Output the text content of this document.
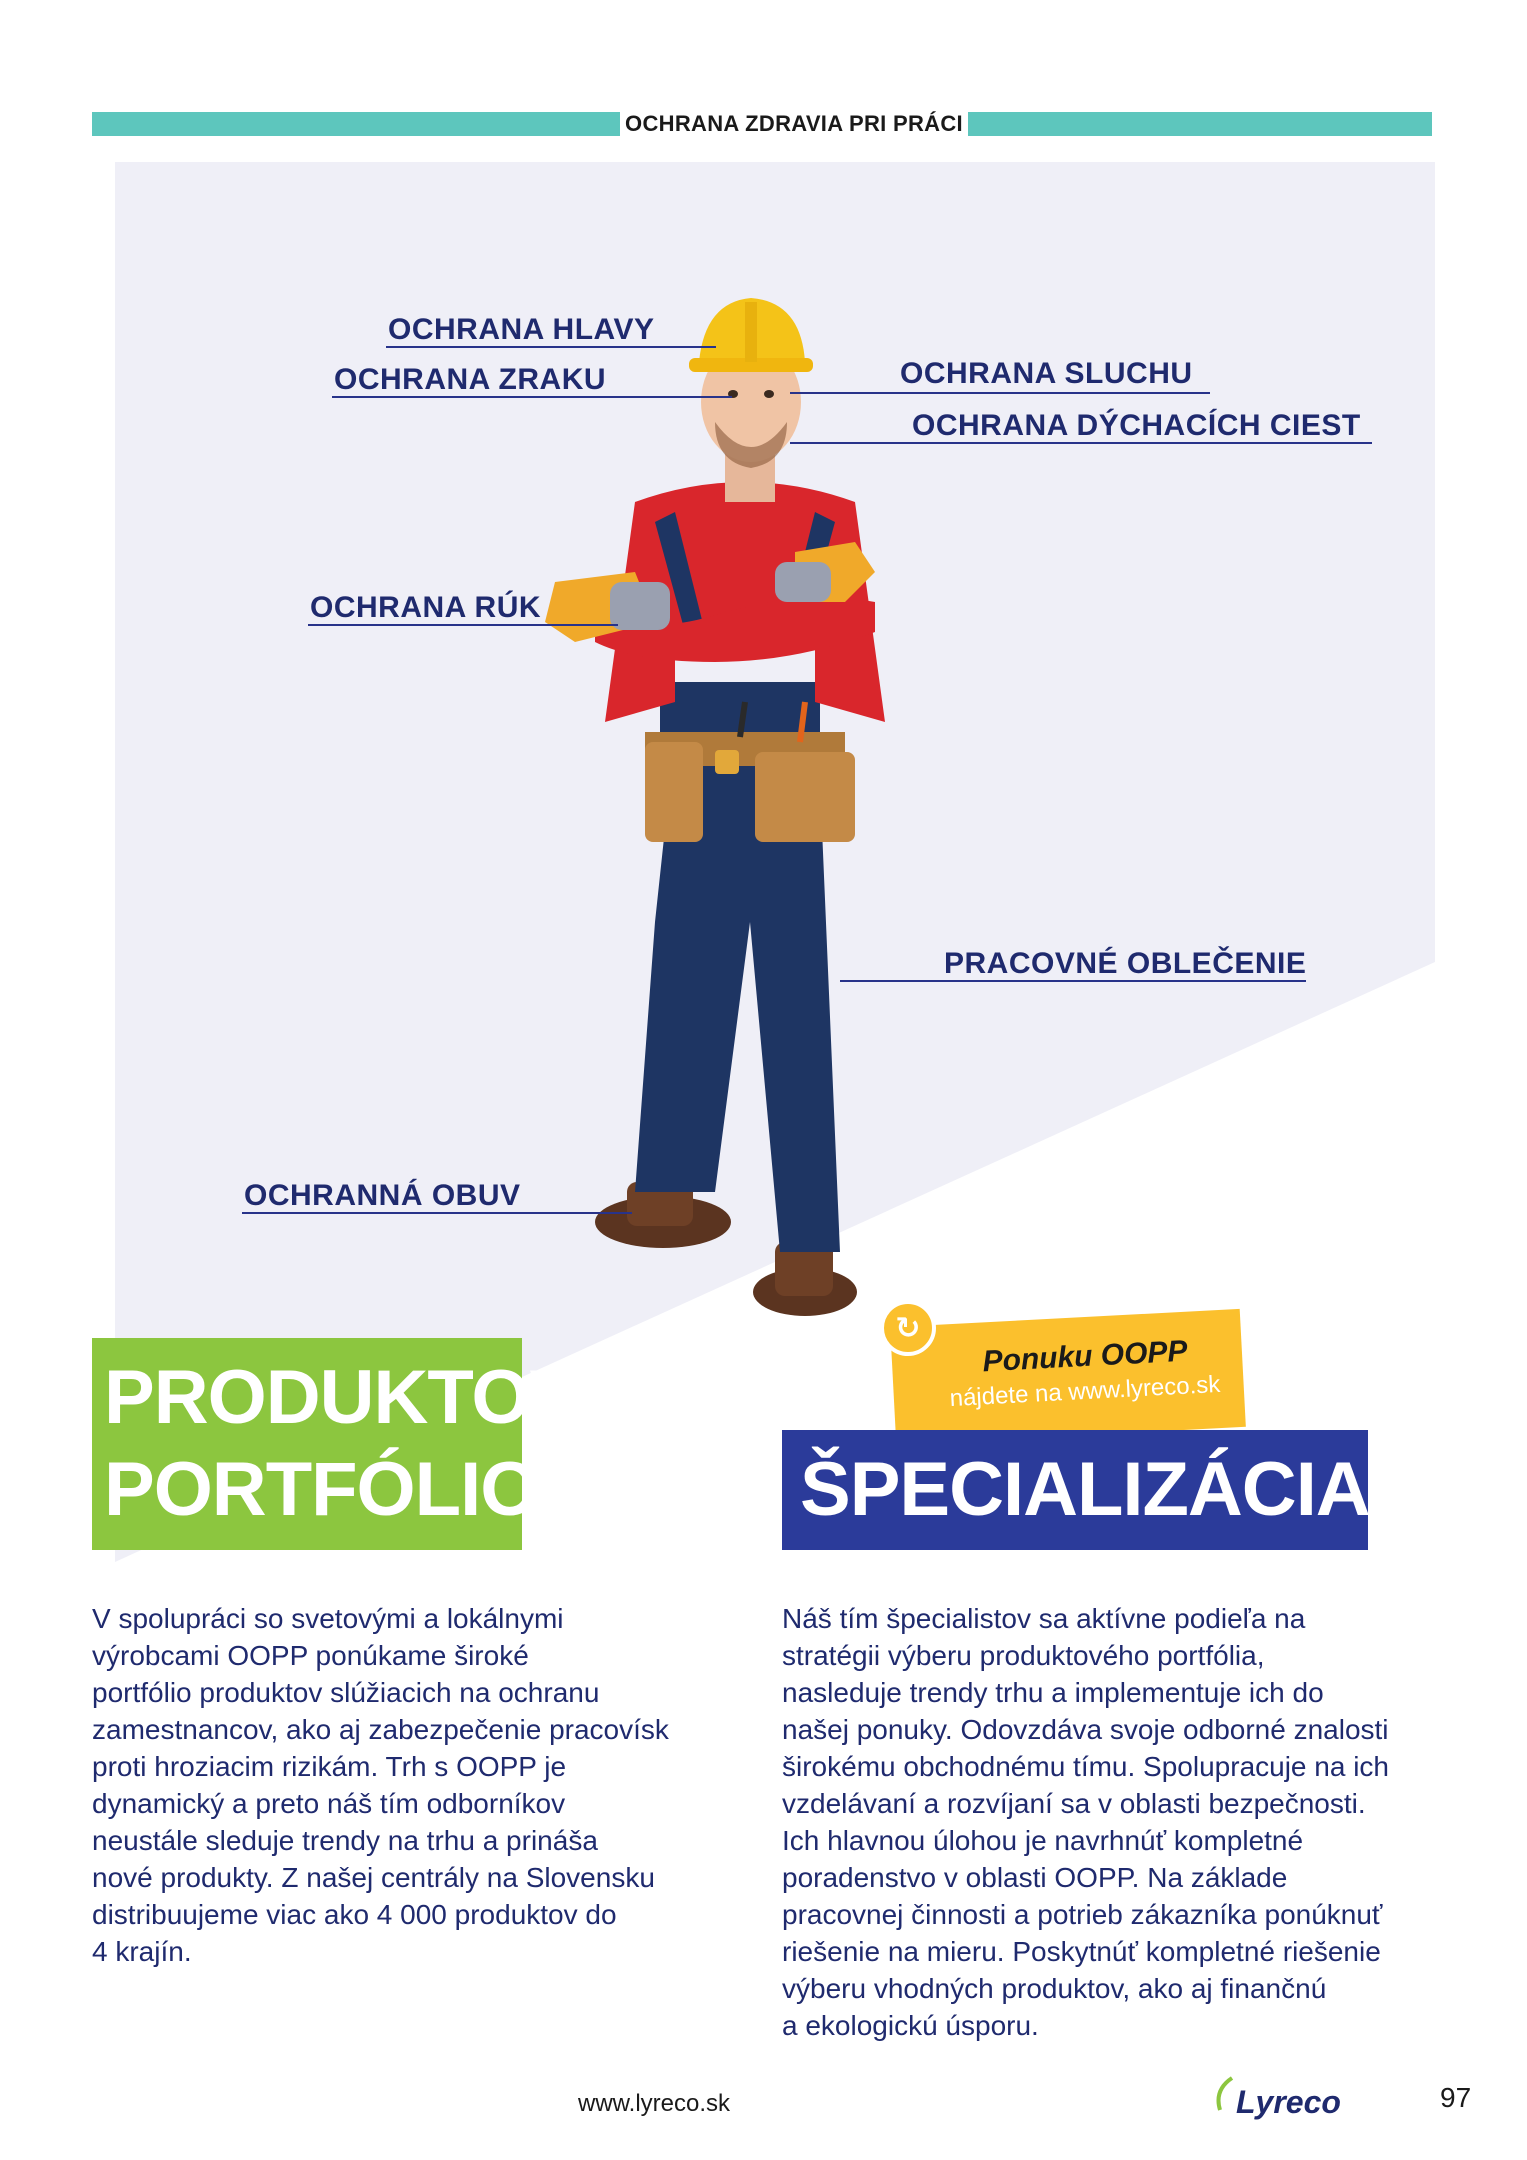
OCHRANA ZDRAVIA PRI PRÁCI
OCHRANA HLAVY
OCHRANA ZRAKU	OCHRANA SLUCHU
OCHRANA DÝCHACÍCH CIEST
OCHRANA RÚK
PRACOVNÉ OBLEČENIE
OCHRANNÁ OBUV
PRODUKTOVÉ
PORTFÓLIO
↻
Ponuku OOPP
nájdete na www.lyreco.sk
ŠPECIALIZÁCIA
V spolupráci so svetovými a lokálnymi
výrobcami OOPP ponúkame široké
portfólio produktov slúžiacich na ochranu
zamestnancov, ako aj zabezpečenie pracovísk
proti hroziacim rizikám. Trh s OOPP je
dynamický a preto náš tím odborníkov
neustále sleduje trendy na trhu a prináša
nové produkty. Z našej centrály na Slovensku
distribuujeme viac ako 4 000 produktov do
4 krajín.
Náš tím špecialistov sa aktívne podieľa na
stratégii výberu produktového portfólia,
nasleduje trendy trhu a implementuje ich do
našej ponuky. Odovzdáva svoje odborné znalosti
širokému obchodnému tímu. Spolupracuje na ich
vzdelávaní a rozvíjaní sa v oblasti bezpečnosti.
Ich hlavnou úlohou je navrhnúť kompletné
poradenstvo v oblasti OOPP. Na základe
pracovnej činnosti a potrieb zákazníka ponúknuť
riešenie na mieru. Poskytnúť kompletné riešenie
výberu vhodných produktov, ako aj finančnú
a ekologickú úsporu.
www.lyreco.sk	Lyreco	97
